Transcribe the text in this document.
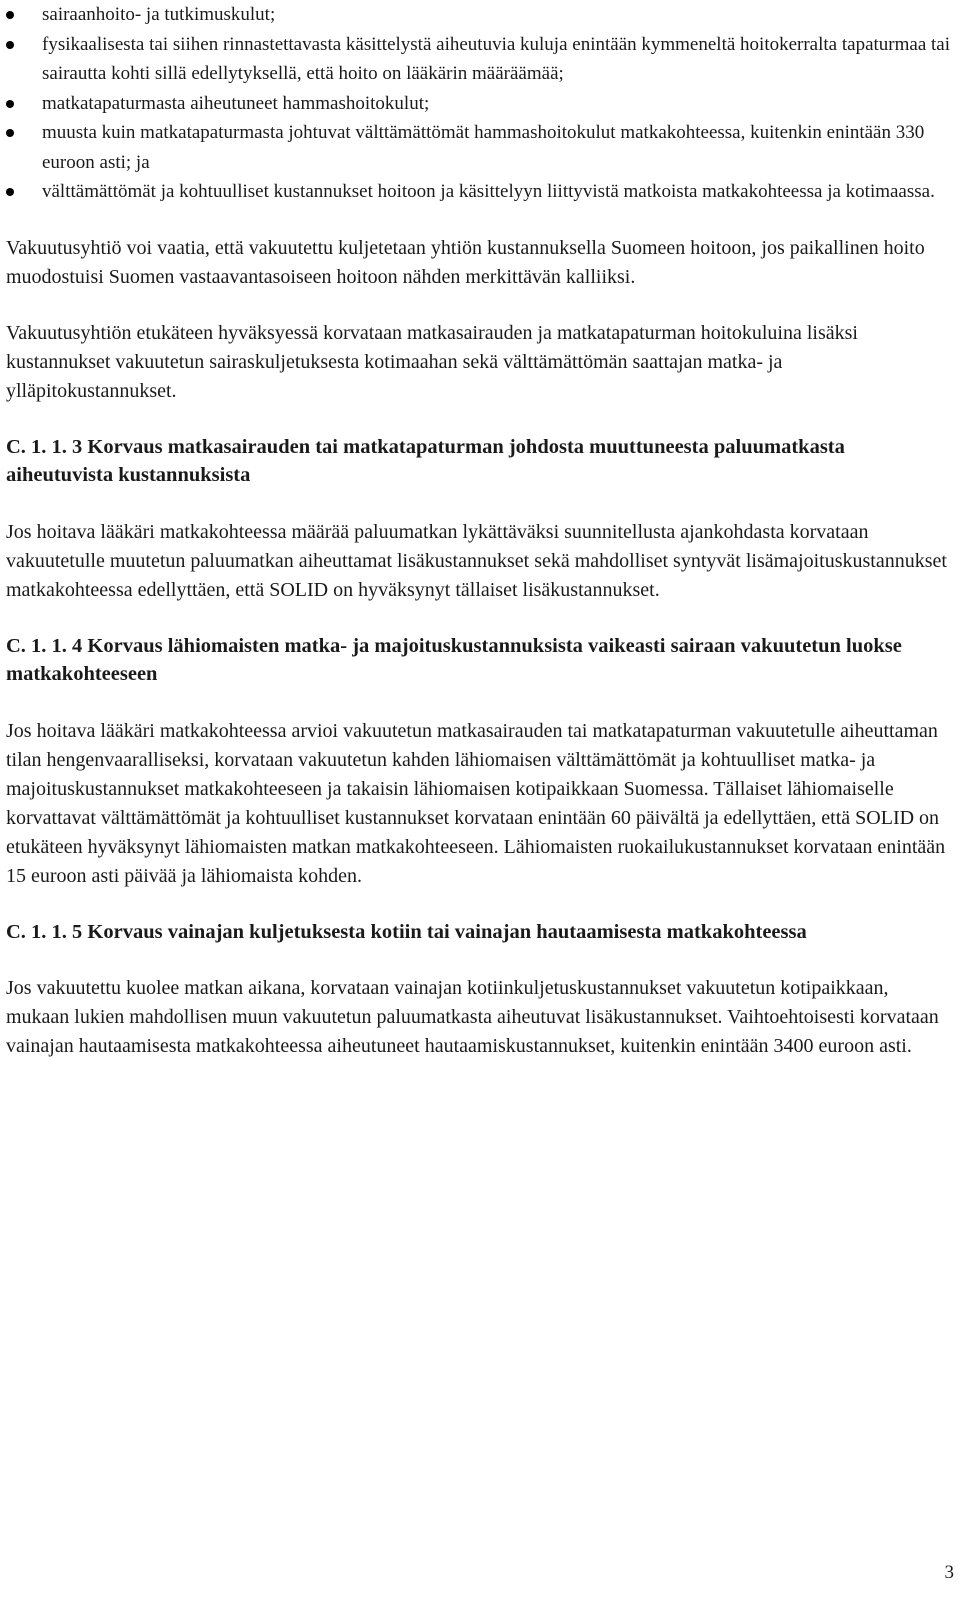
sairaanhoito- ja tutkimuskulut;
fysikaalisesta tai siihen rinnastettavasta käsittelystä aiheutuvia kuluja enintään kymmeneltä hoitokerralta tapaturmaa tai sairautta kohti sillä edellytyksellä, että hoito on lääkärin määräämää;
matkatapaturmasta aiheutuneet hammashoitokulut;
muusta kuin matkatapaturmasta johtuvat välttämättömät hammashoitokulut matkakohteessa, kuitenkin enintään 330 euroon asti; ja
välttämättömät ja kohtuulliset kustannukset hoitoon ja käsittelyyn liittyvistä matkoista matkakohteessa ja kotimaassa.

Vakuutusyhtiö voi vaatia, että vakuutettu kuljetetaan yhtiön kustannuksella Suomeen hoitoon, jos paikallinen hoito muodostuisi Suomen vastaavantasoiseen hoitoon nähden merkittävän kalliiksi.

Vakuutusyhtiön etukäteen hyväksyessä korvataan matkasairauden ja matkatapaturman hoitokuluina lisäksi kustannukset vakuutetun sairaskuljetuksesta kotimaahan sekä välttämättömän saattajan matka- ja ylläpitokustannukset.

C. 1. 1. 3 Korvaus matkasairauden tai matkatapaturman johdosta muuttuneesta paluumatkasta aiheutuvista kustannuksista

Jos hoitava lääkäri matkakohteessa määrää paluumatkan lykättäväksi suunnitellusta ajankohdasta korvataan vakuutetulle muutetun paluumatkan aiheuttamat lisäkustannukset sekä mahdolliset syntyvät lisämajoituskustannukset matkakohteessa edellyttäen, että SOLID on hyväksynyt tällaiset lisäkustannukset.

C. 1. 1. 4 Korvaus lähiomaisten matka- ja majoituskustannuksista vaikeasti sairaan vakuutetun luokse matkakohteeseen

Jos hoitava lääkäri matkakohteessa arvioi vakuutetun matkasairauden tai matkatapaturman vakuutetulle aiheuttaman tilan hengenvaaralliseksi, korvataan vakuutetun kahden lähiomaisen välttämättömät ja kohtuulliset matka- ja majoituskustannukset matkakohteeseen ja takaisin lähiomaisen kotipaikkaan Suomessa. Tällaiset lähiomaiselle korvattavat välttämättömät ja kohtuulliset kustannukset korvataan enintään 60 päivältä ja edellyttäen, että SOLID on etukäteen hyväksynyt lähiomaisten matkan matkakohteeseen. Lähiomaisten ruokailukustannukset korvataan enintään 15 euroon asti päivää ja lähiomaista kohden.

C. 1. 1. 5 Korvaus vainajan kuljetuksesta kotiin tai vainajan hautaamisesta matkakohteessa

Jos vakuutettu kuolee matkan aikana, korvataan vainajan kotiinkuljetuskustannukset vakuutetun kotipaikkaan, mukaan lukien mahdollisen muun vakuutetun paluumatkasta aiheutuvat lisäkustannukset. Vaihtoehtoisesti korvataan vainajan hautaamisesta matkakohteessa aiheutuneet hautaamiskustannukset, kuitenkin enintään 3400 euroon asti.

3
